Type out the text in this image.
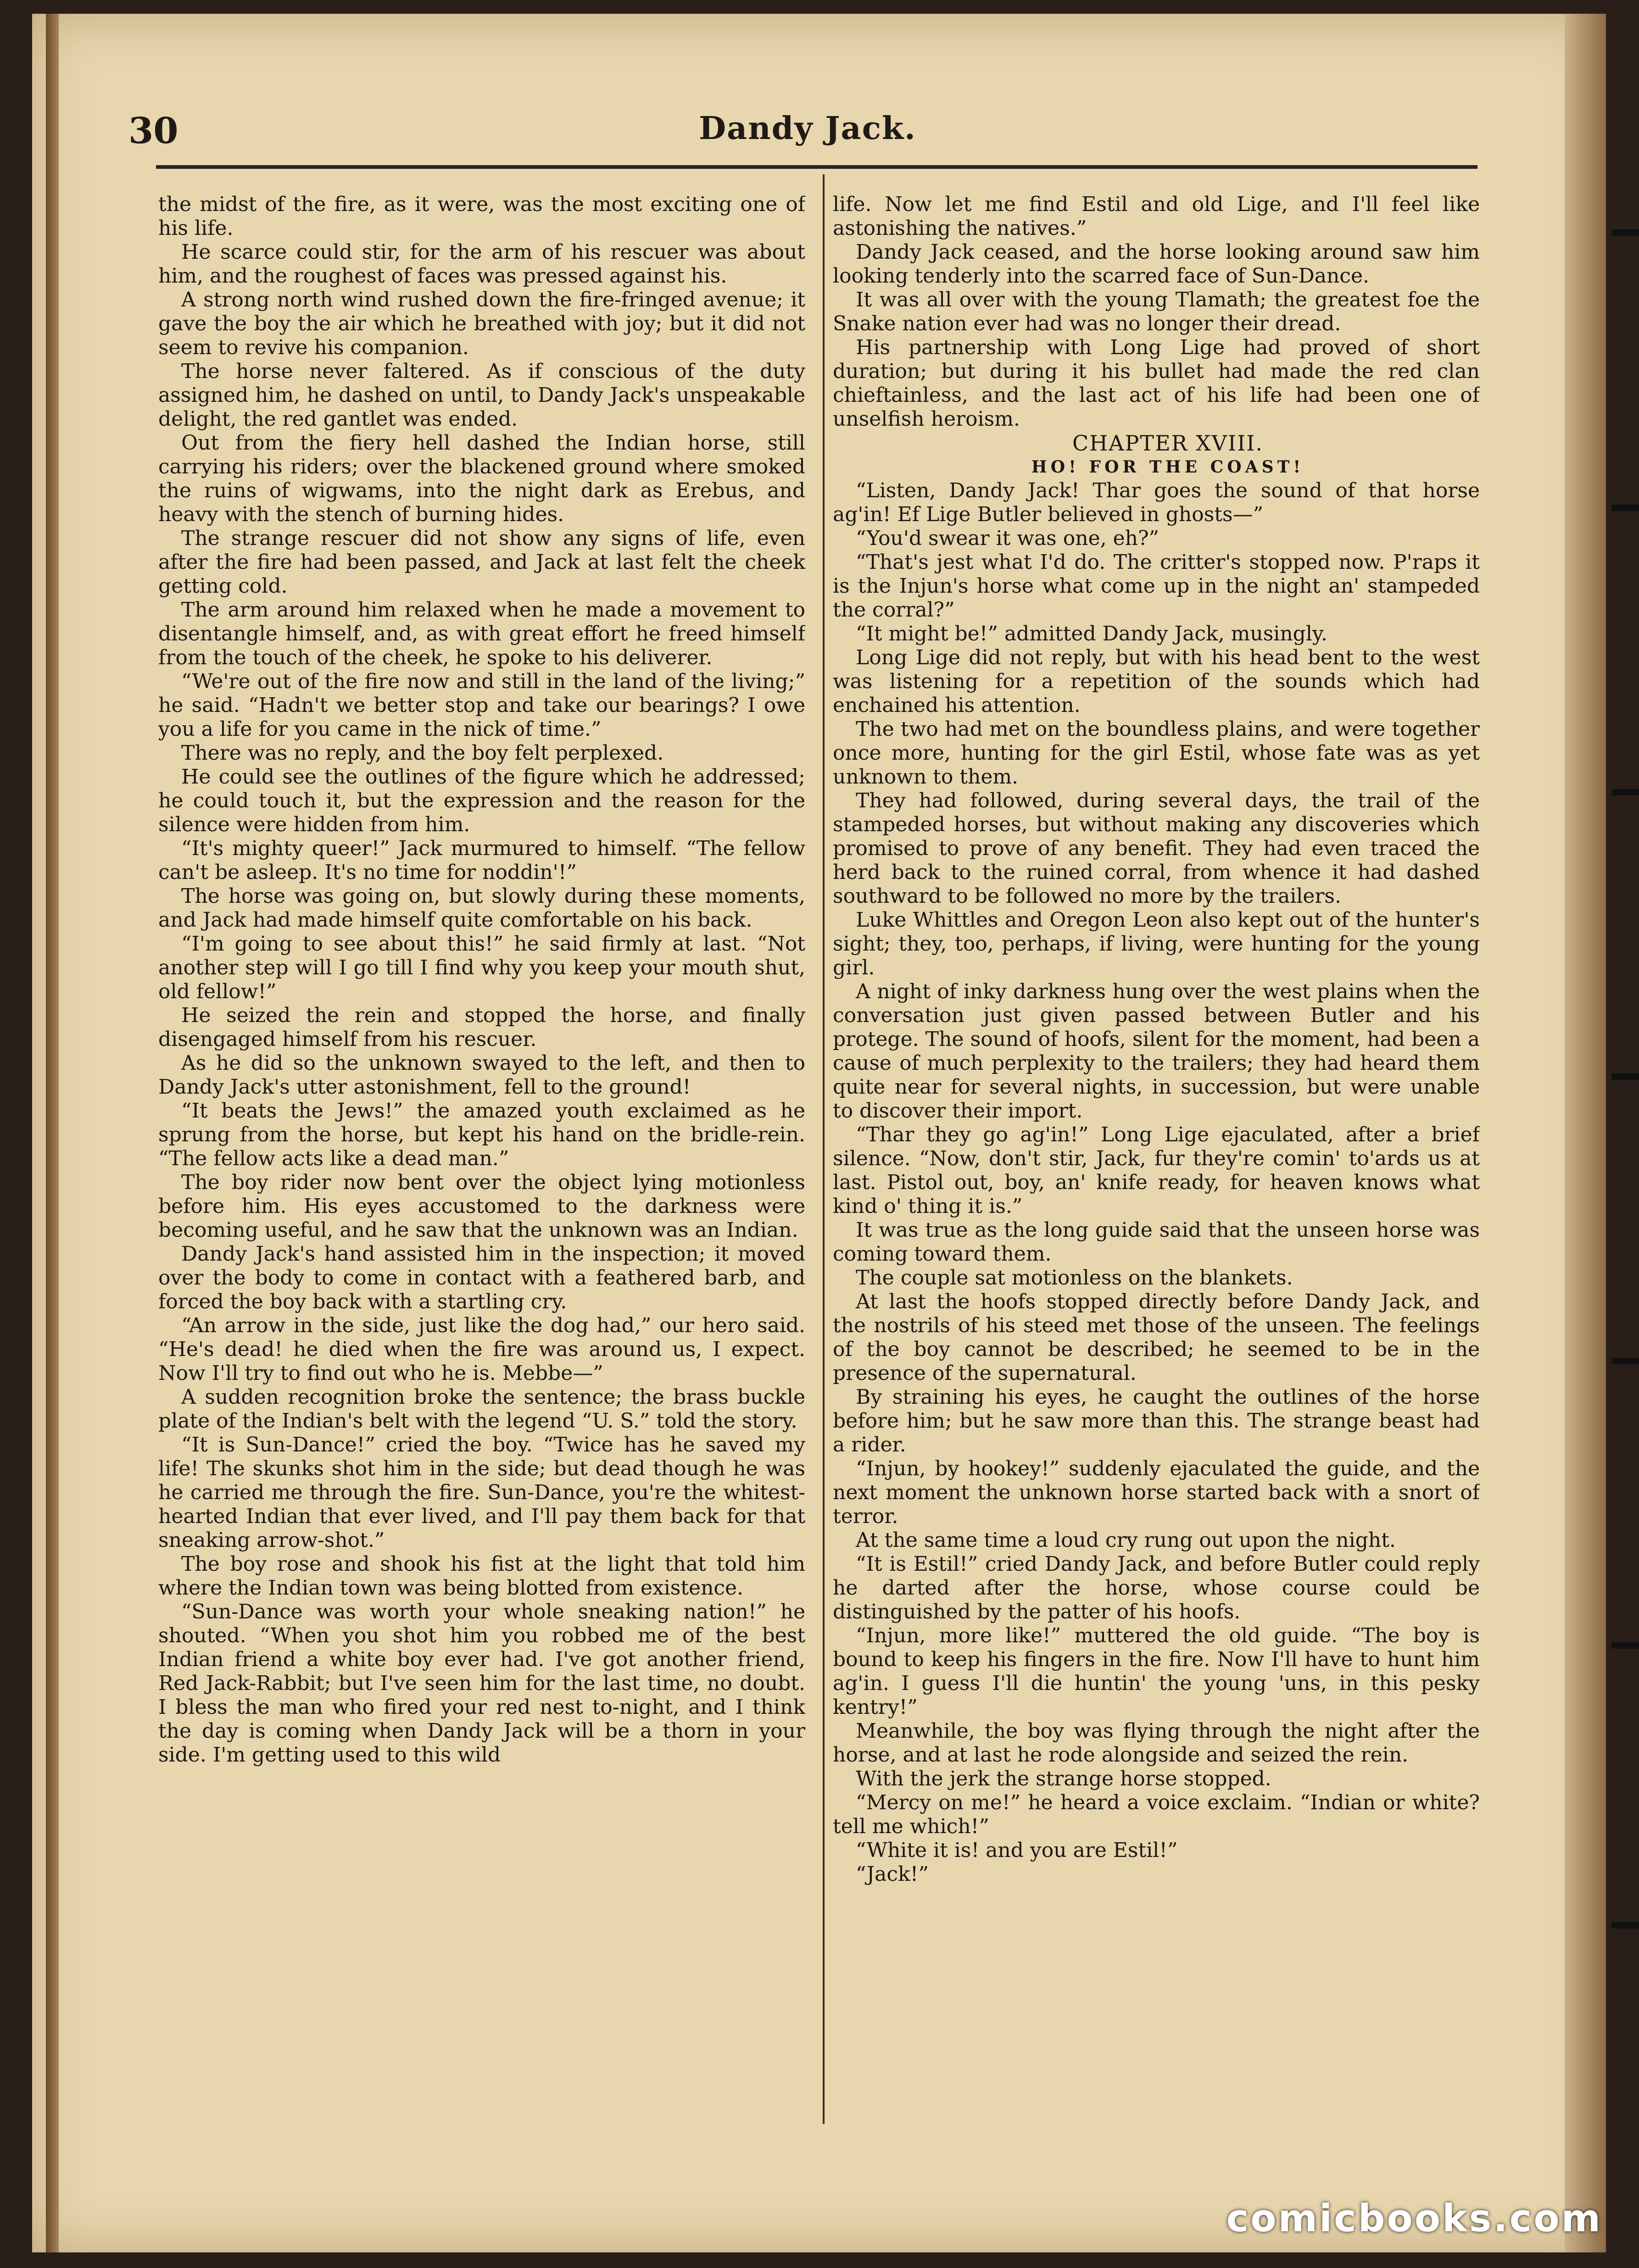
30	Dandy Jack.

the midst of the fire, as it were, was the most exciting one of his life.

He scarce could stir, for the arm of his rescuer was about him, and the roughest of faces was pressed against his.

A strong north wind rushed down the fire-fringed avenue; it gave the boy the air which he breathed with joy; but it did not seem to revive his companion.

The horse never faltered. As if conscious of the duty assigned him, he dashed on until, to Dandy Jack's unspeakable delight, the red gantlet was ended.

Out from the fiery hell dashed the Indian horse, still carrying his riders; over the blackened ground where smoked the ruins of wigwams, into the night dark as Erebus, and heavy with the stench of burning hides.

The strange rescuer did not show any signs of life, even after the fire had been passed, and Jack at last felt the cheek getting cold.

The arm around him relaxed when he made a movement to disentangle himself, and, as with great effort he freed himself from the touch of the cheek, he spoke to his deliverer.

“We're out of the fire now and still in the land of the living;” he said. “Hadn't we better stop and take our bearings? I owe you a life for you came in the nick of time.”

There was no reply, and the boy felt perplexed.

He could see the outlines of the figure which he addressed; he could touch it, but the expression and the reason for the silence were hidden from him.

“It's mighty queer!” Jack murmured to himself. “The fellow can't be asleep. It's no time for noddin'!”

The horse was going on, but slowly during these moments, and Jack had made himself quite comfortable on his back.

“I'm going to see about this!” he said firmly at last. “Not another step will I go till I find why you keep your mouth shut, old fellow!”

He seized the rein and stopped the horse, and finally disengaged himself from his rescuer.

As he did so the unknown swayed to the left, and then to Dandy Jack's utter astonishment, fell to the ground!

“It beats the Jews!” the amazed youth exclaimed as he sprung from the horse, but kept his hand on the bridle-rein. “The fellow acts like a dead man.”

The boy rider now bent over the object lying motionless before him. His eyes accustomed to the darkness were becoming useful, and he saw that the unknown was an Indian.

Dandy Jack's hand assisted him in the inspection; it moved over the body to come in contact with a feathered barb, and forced the boy back with a startling cry.

“An arrow in the side, just like the dog had,” our hero said. “He's dead! he died when the fire was around us, I expect. Now I'll try to find out who he is. Mebbe—”

A sudden recognition broke the sentence; the brass buckle plate of the Indian's belt with the legend “U. S.” told the story.

“It is Sun-Dance!” cried the boy. “Twice has he saved my life! The skunks shot him in the side; but dead though he was he carried me through the fire. Sun-Dance, you're the whitest-hearted Indian that ever lived, and I'll pay them back for that sneaking arrow-shot.”

The boy rose and shook his fist at the light that told him where the Indian town was being blotted from existence.

“Sun-Dance was worth your whole sneaking nation!” he shouted. “When you shot him you robbed me of the best Indian friend a white boy ever had. I've got another friend, Red Jack-Rabbit; but I've seen him for the last time, no doubt. I bless the man who fired your red nest to-night, and I think the day is coming when Dandy Jack will be a thorn in your side. I'm getting used to this wild

life. Now let me find Estil and old Lige, and I'll feel like astonishing the natives.”

Dandy Jack ceased, and the horse looking around saw him looking tenderly into the scarred face of Sun-Dance.

It was all over with the young Tlamath; the greatest foe the Snake nation ever had was no longer their dread.

His partnership with Long Lige had proved of short duration; but during it his bullet had made the red clan chieftainless, and the last act of his life had been one of unselfish heroism.

CHAPTER XVIII.

HO! FOR THE COAST!

“Listen, Dandy Jack! Thar goes the sound of that horse ag'in! Ef Lige Butler believed in ghosts—”

“You'd swear it was one, eh?”

“That's jest what I'd do. The critter's stopped now. P'raps it is the Injun's horse what come up in the night an' stampeded the corral?”

“It might be!” admitted Dandy Jack, musingly.

Long Lige did not reply, but with his head bent to the west was listening for a repetition of the sounds which had enchained his attention.

The two had met on the boundless plains, and were together once more, hunting for the girl Estil, whose fate was as yet unknown to them.

They had followed, during several days, the trail of the stampeded horses, but without making any discoveries which promised to prove of any benefit. They had even traced the herd back to the ruined corral, from whence it had dashed southward to be followed no more by the trailers.

Luke Whittles and Oregon Leon also kept out of the hunter's sight; they, too, perhaps, if living, were hunting for the young girl.

A night of inky darkness hung over the west plains when the conversation just given passed between Butler and his protege. The sound of hoofs, silent for the moment, had been a cause of much perplexity to the trailers; they had heard them quite near for several nights, in succession, but were unable to discover their import.

“Thar they go ag'in!” Long Lige ejaculated, after a brief silence. “Now, don't stir, Jack, fur they're comin' to'ards us at last. Pistol out, boy, an' knife ready, for heaven knows what kind o' thing it is.”

It was true as the long guide said that the unseen horse was coming toward them.

The couple sat motionless on the blankets.

At last the hoofs stopped directly before Dandy Jack, and the nostrils of his steed met those of the unseen. The feelings of the boy cannot be described; he seemed to be in the presence of the supernatural.

By straining his eyes, he caught the outlines of the horse before him; but he saw more than this. The strange beast had a rider.

“Injun, by hookey!” suddenly ejaculated the guide, and the next moment the unknown horse started back with a snort of terror.

At the same time a loud cry rung out upon the night.

“It is Estil!” cried Dandy Jack, and before Butler could reply he darted after the horse, whose course could be distinguished by the patter of his hoofs.

“Injun, more like!” muttered the old guide. “The boy is bound to keep his fingers in the fire. Now I'll have to hunt him ag'in. I guess I'll die huntin' the young 'uns, in this pesky kentry!”

Meanwhile, the boy was flying through the night after the horse, and at last he rode alongside and seized the rein.

With the jerk the strange horse stopped.

“Mercy on me!” he heard a voice exclaim. “Indian or white? tell me which!”

“White it is! and you are Estil!”

“Jack!”

comicbooks.com
